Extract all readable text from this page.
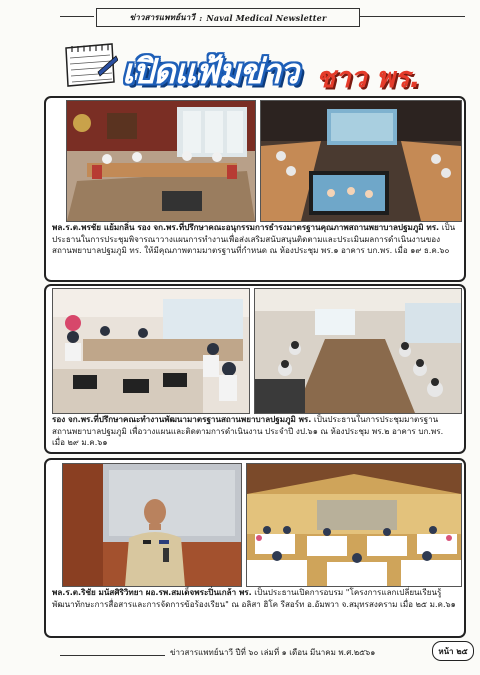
ข่าวสารแพทย์นาวี : Naval Medical Newsletter
เปิดแฟ้มข่าว ชาว พร.
พล.ร.ต.พรชัย แย้มกลิ่น รอง จก.พร.ที่ปรึกษาคณะอนุกรรมการธำรงมาตรฐานคุณภาพสถานพยาบาลปฐมภูมิ ทร. เป็นประธานในการประชุมพิจารณาวางแผนการทำงานเพื่อส่งเสริมสนับสนุนติดตามและประเมินผลการดำเนินงานของสถานพยาบาลปฐมภูมิ ทร. ให้มีคุณภาพตามมาตรฐานที่กำหนด ณ ห้องประชุม พร.๑ อาคาร บก.พร. เมื่อ ๑๙ ธ.ค.๖๐
รอง จก.พร.ที่ปรึกษาคณะทำงานพัฒนามาตรฐานสถานพยาบาลปฐมภูมิ พร. เป็นประธานในการประชุมมาตรฐานสถานพยาบาลปฐมภูมิ เพื่อวางแผนและติดตามการดำเนินงาน ประจำปี งป.๖๑ ณ ห้องประชุม พร.๒ อาคาร บก.พร. เมื่อ ๒๙ ม.ค.๖๑
พล.ร.ต.ริชัย มนัสศิริวิทยา ผอ.รพ.สมเด็จพระปิ่นเกล้า พร. เป็นประธานเปิดการอบรม "โครงการแลกเปลี่ยนเรียนรู้พัฒนาทักษะการสื่อสารและการจัดการข้อร้องเรียน" ณ อลิสา ฮิโค รีสอร์ท อ.อัมพวา จ.สมุทรสงคราม เมื่อ ๒๕ ม.ค.๖๑
ข่าวสารแพทย์นาวี ปีที่ ๖๐ เล่มที่ ๑ เดือน มีนาคม พ.ศ.๒๕๖๑	หน้า ๒๕
